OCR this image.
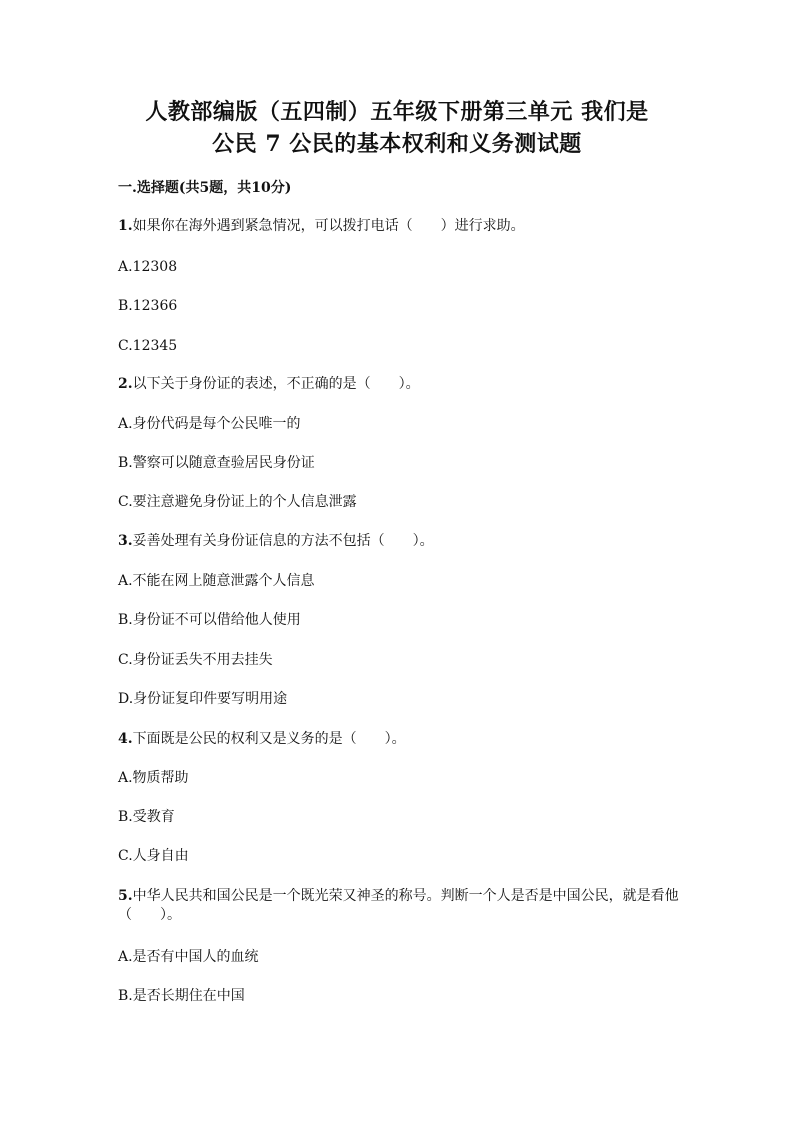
人教部编版（五四制）五年级下册第三单元 我们是
公民 7 公民的基本权利和义务测试题
一.选择题(共5题，共10分)
1.如果你在海外遇到紧急情况，可以拨打电话（　　）进行求助。
A.12308
B.12366
C.12345
2.以下关于身份证的表述，不正确的是（　　）。
A.身份代码是每个公民唯一的
B.警察可以随意查验居民身份证
C.要注意避免身份证上的个人信息泄露
3.妥善处理有关身份证信息的方法不包括（　　）。
A.不能在网上随意泄露个人信息
B.身份证不可以借给他人使用
C.身份证丢失不用去挂失
D.身份证复印件要写明用途
4.下面既是公民的权利又是义务的是（　　）。
A.物质帮助
B.受教育
C.人身自由
5.中华人民共和国公民是一个既光荣又神圣的称号。判断一个人是否是中国公民，就是看他（　　）。
A.是否有中国人的血统
B.是否长期住在中国
